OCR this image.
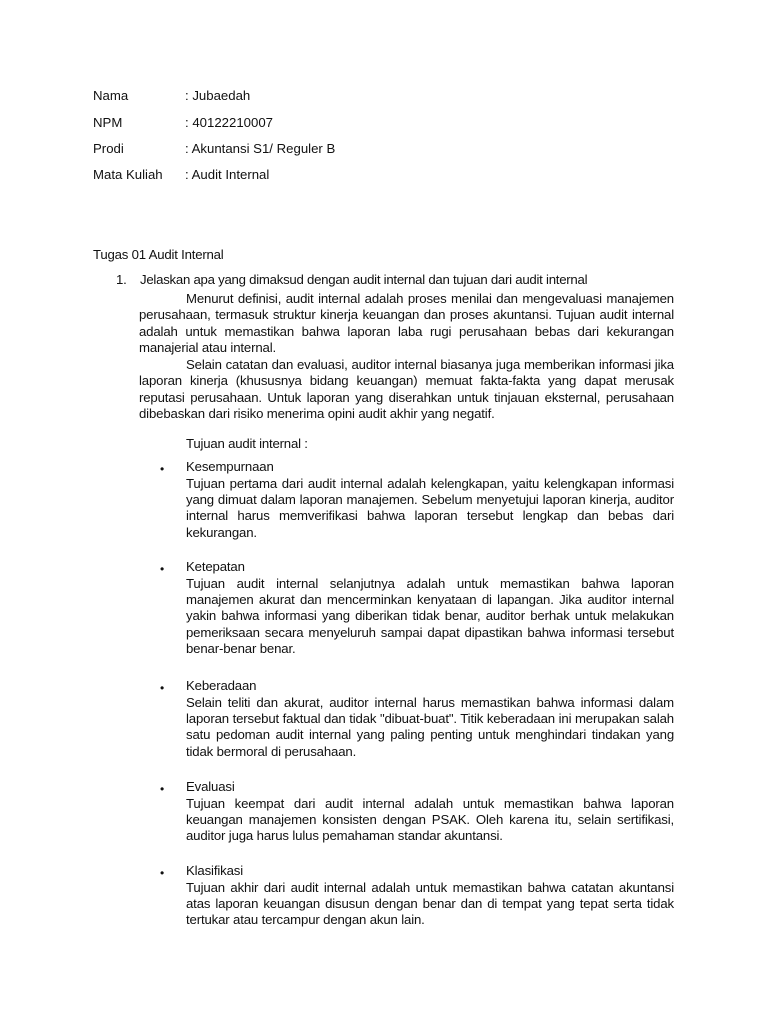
Nama	: Jubaedah
NPM	: 40122210007
Prodi	: Akuntansi S1/ Reguler B
Mata Kuliah : Audit Internal
Tugas 01 Audit Internal
1. Jelaskan apa yang dimaksud dengan audit internal dan tujuan dari audit internal

Menurut definisi, audit internal adalah proses menilai dan mengevaluasi manajemen perusahaan, termasuk struktur kinerja keuangan dan proses akuntansi. Tujuan audit internal adalah untuk memastikan bahwa laporan laba rugi perusahaan bebas dari kekurangan manajerial atau internal.

Selain catatan dan evaluasi, auditor internal biasanya juga memberikan informasi jika laporan kinerja (khususnya bidang keuangan) memuat fakta-fakta yang dapat merusak reputasi perusahaan. Untuk laporan yang diserahkan untuk tinjauan eksternal, perusahaan dibebaskan dari risiko menerima opini audit akhir yang negatif.

Tujuan audit internal :
• Kesempurnaan

Tujuan pertama dari audit internal adalah kelengkapan, yaitu kelengkapan informasi yang dimuat dalam laporan manajemen. Sebelum menyetujui laporan kinerja, auditor internal harus memverifikasi bahwa laporan tersebut lengkap dan bebas dari kekurangan.

• Ketepatan

Tujuan audit internal selanjutnya adalah untuk memastikan bahwa laporan manajemen akurat dan mencerminkan kenyataan di lapangan. Jika auditor internal yakin bahwa informasi yang diberikan tidak benar, auditor berhak untuk melakukan pemeriksaan secara menyeluruh sampai dapat dipastikan bahwa informasi tersebut benar-benar benar.

• Keberadaan

Selain teliti dan akurat, auditor internal harus memastikan bahwa informasi dalam laporan tersebut faktual dan tidak "dibuat-buat". Titik keberadaan ini merupakan salah satu pedoman audit internal yang paling penting untuk menghindari tindakan yang tidak bermoral di perusahaan.

• Evaluasi

Tujuan keempat dari audit internal adalah untuk memastikan bahwa laporan keuangan manajemen konsisten dengan PSAK. Oleh karena itu, selain sertifikasi, auditor juga harus lulus pemahaman standar akuntansi.

• Klasifikasi

Tujuan akhir dari audit internal adalah untuk memastikan bahwa catatan akuntansi atas laporan keuangan disusun dengan benar dan di tempat yang tepat serta tidak tertukar atau tercampur dengan akun lain.
